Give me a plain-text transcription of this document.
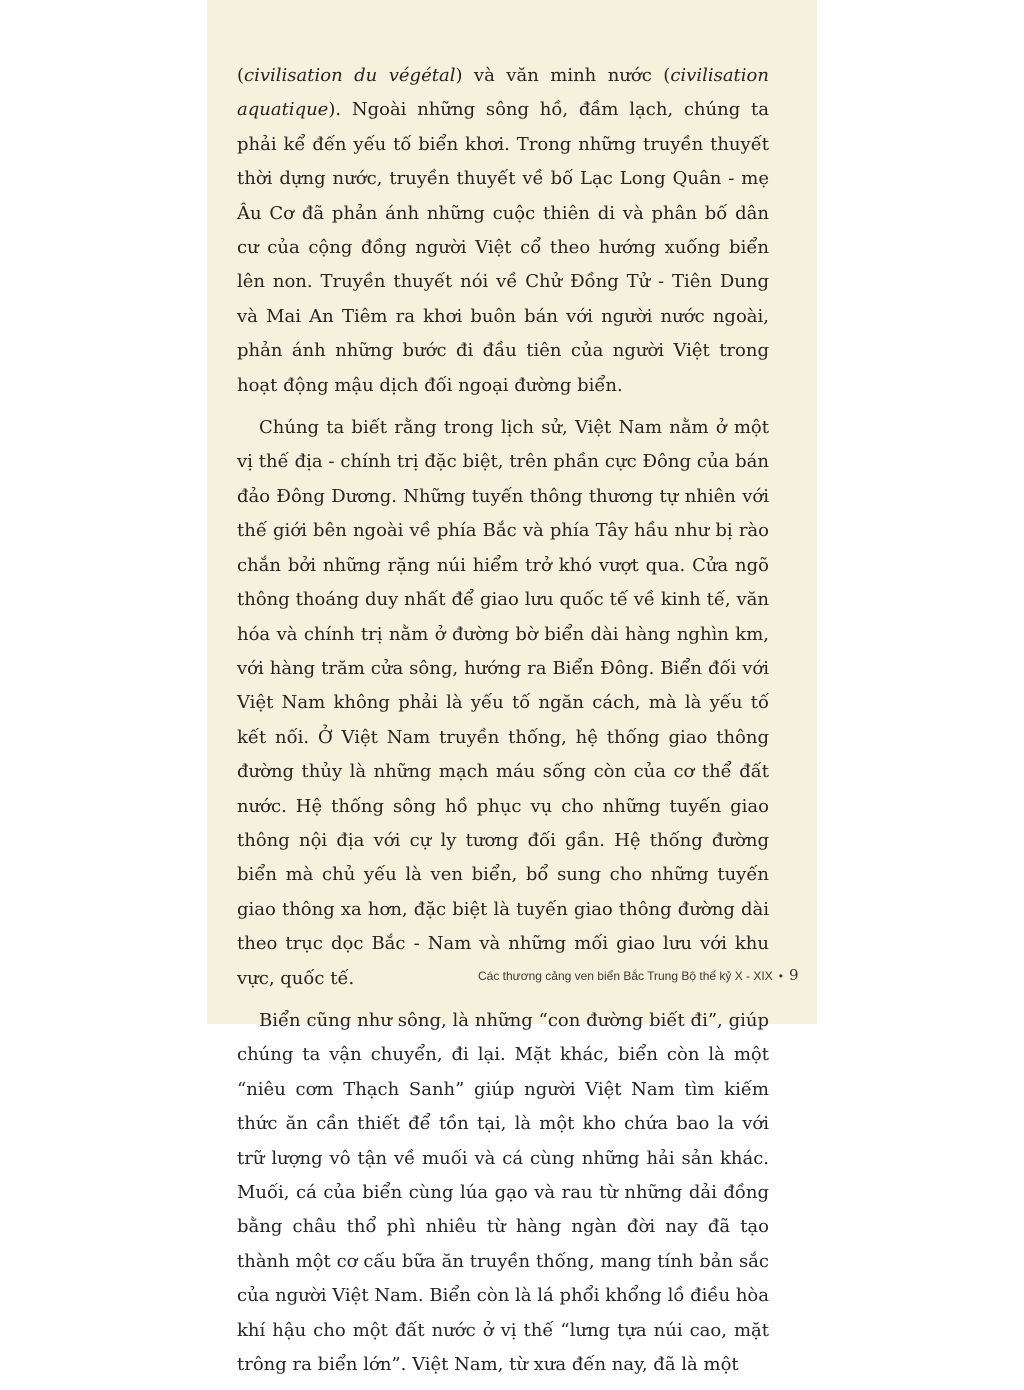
(civilisation du végétal) và văn minh nước (civilisation aquatique). Ngoài những sông hồ, đầm lạch, chúng ta phải kể đến yếu tố biển khơi. Trong những truyền thuyết thời dựng nước, truyền thuyết về bố Lạc Long Quân - mẹ Âu Cơ đã phản ánh những cuộc thiên di và phân bố dân cư của cộng đồng người Việt cổ theo hướng xuống biển lên non. Truyền thuyết nói về Chử Đồng Tử - Tiên Dung và Mai An Tiêm ra khơi buôn bán với người nước ngoài, phản ánh những bước đi đầu tiên của người Việt trong hoạt động mậu dịch đối ngoại đường biển.

Chúng ta biết rằng trong lịch sử, Việt Nam nằm ở một vị thế địa - chính trị đặc biệt, trên phần cực Đông của bán đảo Đông Dương. Những tuyến thông thương tự nhiên với thế giới bên ngoài về phía Bắc và phía Tây hầu như bị rào chắn bởi những rặng núi hiểm trở khó vượt qua. Cửa ngõ thông thoáng duy nhất để giao lưu quốc tế về kinh tế, văn hóa và chính trị nằm ở đường bờ biển dài hàng nghìn km, với hàng trăm cửa sông, hướng ra Biển Đông. Biển đối với Việt Nam không phải là yếu tố ngăn cách, mà là yếu tố kết nối. Ở Việt Nam truyền thống, hệ thống giao thông đường thủy là những mạch máu sống còn của cơ thể đất nước. Hệ thống sông hồ phục vụ cho những tuyến giao thông nội địa với cự ly tương đối gần. Hệ thống đường biển mà chủ yếu là ven biển, bổ sung cho những tuyến giao thông xa hơn, đặc biệt là tuyến giao thông đường dài theo trục dọc Bắc - Nam và những mối giao lưu với khu vực, quốc tế.

Biển cũng như sông, là những “con đường biết đi”, giúp chúng ta vận chuyển, đi lại. Mặt khác, biển còn là một “niêu cơm Thạch Sanh” giúp người Việt Nam tìm kiếm thức ăn cần thiết để tồn tại, là một kho chứa bao la với trữ lượng vô tận về muối và cá cùng những hải sản khác. Muối, cá của biển cùng lúa gạo và rau từ những dải đồng bằng châu thổ phì nhiêu từ hàng ngàn đời nay đã tạo thành một cơ cấu bữa ăn truyền thống, mang tính bản sắc của người Việt Nam. Biển còn là lá phổi khổng lồ điều hòa khí hậu cho một đất nước ở vị thế “lưng tựa núi cao, mặt trông ra biển lớn”. Việt Nam, từ xưa đến nay, đã là một

Các thương cảng ven biển Bắc Trung Bộ thế kỷ X - XIX • 9
